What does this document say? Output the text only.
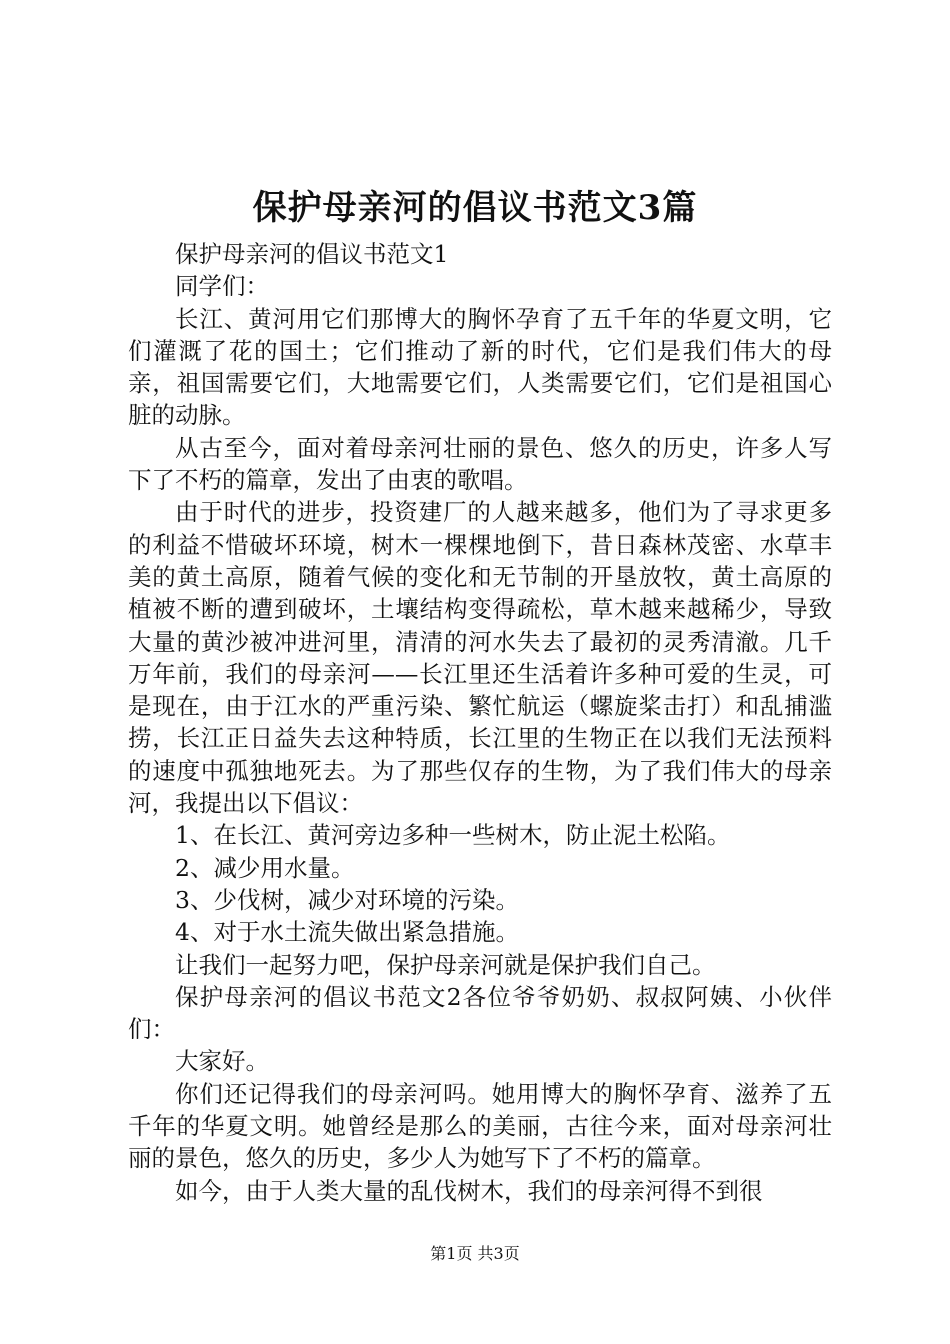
保护母亲河的倡议书范文3篇

保护母亲河的倡议书范文1

同学们：

长江、黄河用它们那博大的胸怀孕育了五千年的华夏文明，它们灌溉了花的国土；它们推动了新的时代，它们是我们伟大的母亲，祖国需要它们，大地需要它们，人类需要它们，它们是祖国心脏的动脉。

从古至今，面对着母亲河壮丽的景色、悠久的历史，许多人写下了不朽的篇章，发出了由衷的歌唱。

由于时代的进步，投资建厂的人越来越多，他们为了寻求更多的利益不惜破坏环境，树木一棵棵地倒下，昔日森林茂密、水草丰美的黄土高原，随着气候的变化和无节制的开垦放牧，黄土高原的植被不断的遭到破坏，土壤结构变得疏松，草木越来越稀少，导致大量的黄沙被冲进河里，清清的河水失去了最初的灵秀清澈。几千万年前，我们的母亲河——长江里还生活着许多种可爱的生灵，可是现在，由于江水的严重污染、繁忙航运（螺旋桨击打）和乱捕滥捞，长江正日益失去这种特质，长江里的生物正在以我们无法预料的速度中孤独地死去。为了那些仅存的生物，为了我们伟大的母亲河，我提出以下倡议：

1、在长江、黄河旁边多种一些树木，防止泥土松陷。

2、减少用水量。

3、少伐树，减少对环境的污染。

4、对于水土流失做出紧急措施。

让我们一起努力吧，保护母亲河就是保护我们自己。

保护母亲河的倡议书范文2各位爷爷奶奶、叔叔阿姨、小伙伴们：

大家好。

你们还记得我们的母亲河吗。她用博大的胸怀孕育、滋养了五千年的华夏文明。她曾经是那么的美丽，古往今来，面对母亲河壮丽的景色，悠久的历史，多少人为她写下了不朽的篇章。

如今，由于人类大量的乱伐树木，我们的母亲河得不到很

第1页 共3页
